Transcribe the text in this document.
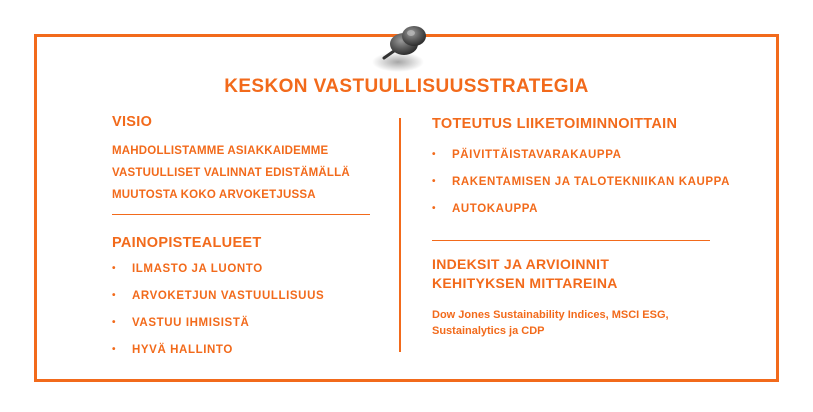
KESKON VASTUULLISUUSSTRATEGIA
VISIO

MAHDOLLISTAMME ASIAKKAIDEMME
VASTUULLISET VALINNAT EDISTÄMÄLLÄ
MUUTOSTA KOKO ARVOKETJUSSA

PAINOPISTEALUEET
• ILMASTO JA LUONTO
• ARVOKETJUN VASTUULLISUUS
• VASTUU IHMISISTÄ
• HYVÄ HALLINTO
TOTEUTUS LIIKETOIMINNOITTAIN
• PÄIVITTÄISTAVARAKAUPPA
• RAKENTAMISEN JA TALOTEKNIIKAN KAUPPA
• AUTOKAUPPA

INDEKSIT JA ARVIOINNIT
KEHITYKSEN MITTAREINA

Dow Jones Sustainability Indices, MSCI ESG,
Sustainalytics ja CDP
